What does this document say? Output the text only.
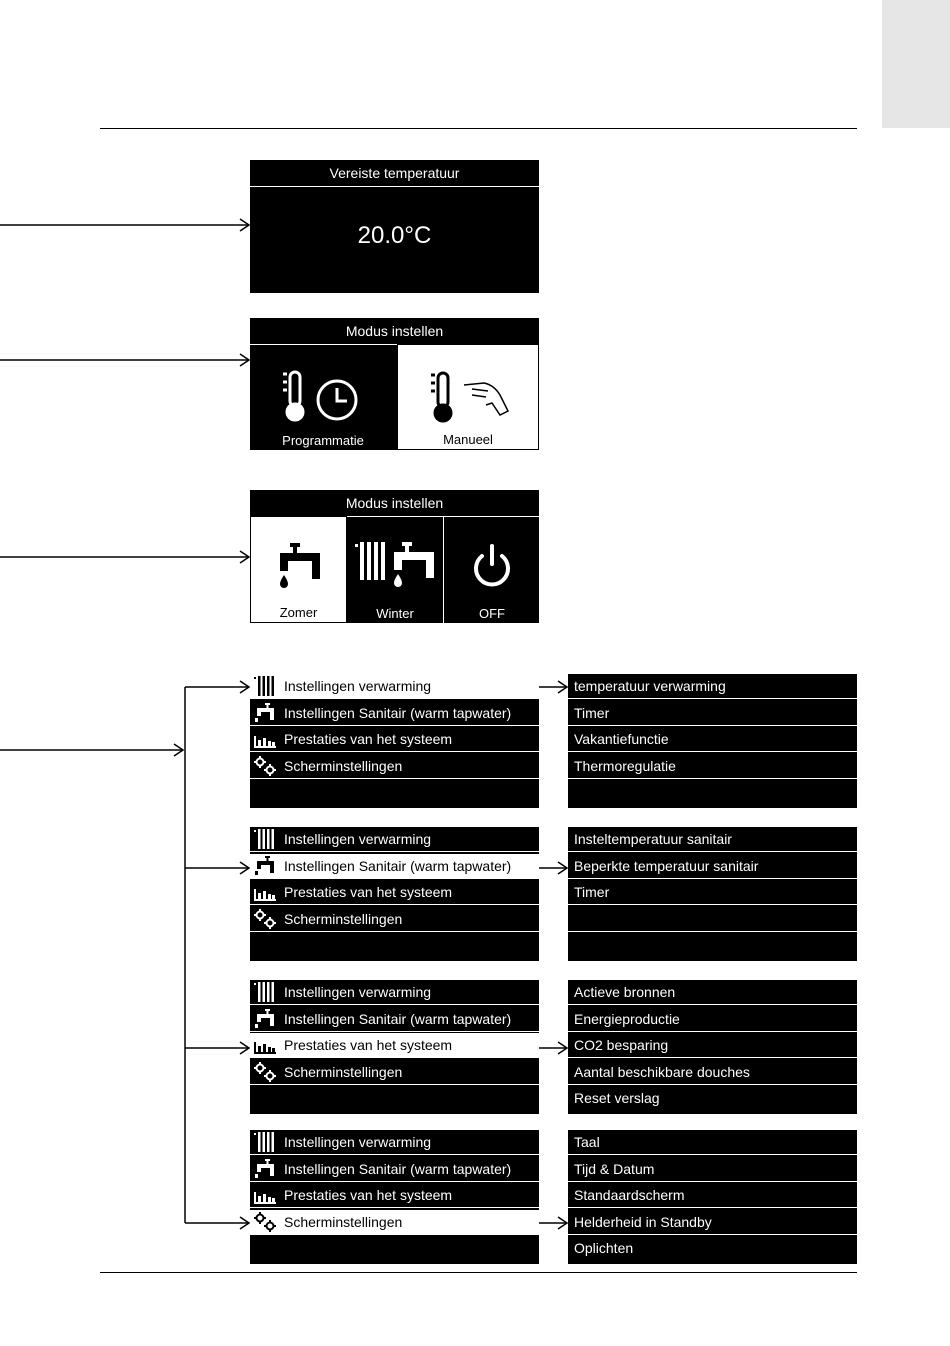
Vereiste temperatuur
20.0°C
Modus instellen
Programmatie	Manueel
Modus instellen
Zomer	Winter	OFF
Instellingen verwarming
Instellingen Sanitair (warm tapwater)
Prestaties van het systeem
Scherminstellingen
temperatuur verwarming
Timer
Vakantiefunctie
Thermoregulatie
Instellingen verwarming
Instellingen Sanitair (warm tapwater)
Prestaties van het systeem
Scherminstellingen
Insteltemperatuur sanitair
Beperkte temperatuur sanitair
Timer
Instellingen verwarming
Instellingen Sanitair (warm tapwater)
Prestaties van het systeem
Scherminstellingen
Actieve bronnen
Energieproductie
CO2 besparing
Aantal beschikbare douches
Reset verslag
Instellingen verwarming
Instellingen Sanitair (warm tapwater)
Prestaties van het systeem
Scherminstellingen
Taal
Tijd & Datum
Standaardscherm
Helderheid in Standby
Oplichten
